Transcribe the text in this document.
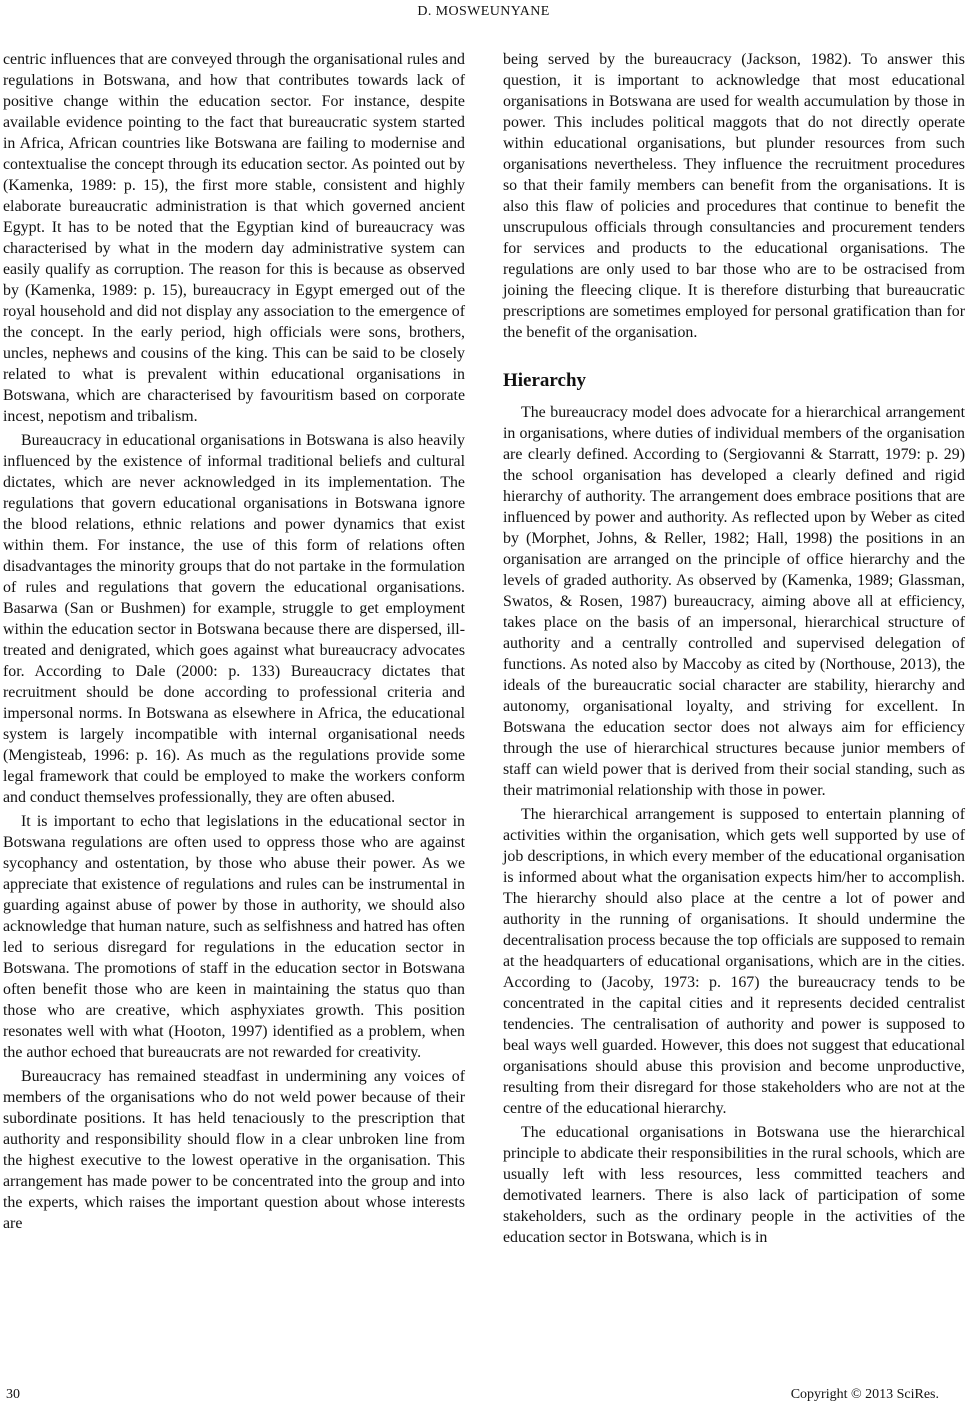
D. MOSWEUNYANE

centric influences that are conveyed through the organisational rules and regulations in Botswana, and how that contributes towards lack of positive change within the education sector. For instance, despite available evidence pointing to the fact that bureaucratic system started in Africa, African countries like Botswana are failing to modernise and contextualise the concept through its education sector. As pointed out by (Kamenka, 1989: p. 15), the first more stable, consistent and highly elaborate bureaucratic administration is that which governed ancient Egypt. It has to be noted that the Egyptian kind of bureaucracy was characterised by what in the modern day administrative system can easily qualify as corruption. The reason for this is because as observed by (Kamenka, 1989: p. 15), bureaucracy in Egypt emerged out of the royal household and did not display any association to the emergence of the concept. In the early period, high officials were sons, brothers, uncles, nephews and cousins of the king. This can be said to be closely related to what is prevalent within educational organisations in Botswana, which are characterised by favouritism based on corporate incest, nepotism and tribalism.

Bureaucracy in educational organisations in Botswana is also heavily influenced by the existence of informal traditional beliefs and cultural dictates, which are never acknowledged in its implementation. The regulations that govern educational organisations in Botswana ignore the blood relations, ethnic relations and power dynamics that exist within them. For instance, the use of this form of relations often disadvantages the minority groups that do not partake in the formulation of rules and regulations that govern the educational organisations. Basarwa (San or Bushmen) for example, struggle to get employment within the education sector in Botswana because there are dispersed, ill-treated and denigrated, which goes against what bureaucracy advocates for. According to Dale (2000: p. 133) Bureaucracy dictates that recruitment should be done according to professional criteria and impersonal norms. In Botswana as elsewhere in Africa, the educational system is largely incompatible with internal organisational needs (Mengisteab, 1996: p. 16). As much as the regulations provide some legal framework that could be employed to make the workers conform and conduct themselves professionally, they are often abused.

It is important to echo that legislations in the educational sector in Botswana regulations are often used to oppress those who are against sycophancy and ostentation, by those who abuse their power. As we appreciate that existence of regulations and rules can be instrumental in guarding against abuse of power by those in authority, we should also acknowledge that human nature, such as selfishness and hatred has often led to serious disregard for regulations in the education sector in Botswana. The promotions of staff in the education sector in Botswana often benefit those who are keen in maintaining the status quo than those who are creative, which asphyxiates growth. This position resonates well with what (Hooton, 1997) identified as a problem, when the author echoed that bureaucrats are not rewarded for creativity.

Bureaucracy has remained steadfast in undermining any voices of members of the organisations who do not weld power because of their subordinate positions. It has held tenaciously to the prescription that authority and responsibility should flow in a clear unbroken line from the highest executive to the lowest operative in the organisation. This arrangement has made power to be concentrated into the group and into the experts, which raises the important question about whose interests are

being served by the bureaucracy (Jackson, 1982). To answer this question, it is important to acknowledge that most educational organisations in Botswana are used for wealth accumulation by those in power. This includes political maggots that do not directly operate within educational organisations, but plunder resources from such organisations nevertheless. They influence the recruitment procedures so that their family members can benefit from the organisations. It is also this flaw of policies and procedures that continue to benefit the unscrupulous officials through consultancies and procurement tenders for services and products to the educational organisations. The regulations are only used to bar those who are to be ostracised from joining the fleecing clique. It is therefore disturbing that bureaucratic prescriptions are sometimes employed for personal gratification than for the benefit of the organisation.

Hierarchy

The bureaucracy model does advocate for a hierarchical arrangement in organisations, where duties of individual members of the organisation are clearly defined. According to (Sergiovanni & Starratt, 1979: p. 29) the school organisation has developed a clearly defined and rigid hierarchy of authority. The arrangement does embrace positions that are influenced by power and authority. As reflected upon by Weber as cited by (Morphet, Johns, & Reller, 1982; Hall, 1998) the positions in an organisation are arranged on the principle of office hierarchy and the levels of graded authority. As observed by (Kamenka, 1989; Glassman, Swatos, & Rosen, 1987) bureaucracy, aiming above all at efficiency, takes place on the basis of an impersonal, hierarchical structure of authority and a centrally controlled and supervised delegation of functions. As noted also by Maccoby as cited by (Northouse, 2013), the ideals of the bureaucratic social character are stability, hierarchy and autonomy, organisational loyalty, and striving for excellent. In Botswana the education sector does not always aim for efficiency through the use of hierarchical structures because junior members of staff can wield power that is derived from their social standing, such as their matrimonial relationship with those in power.

The hierarchical arrangement is supposed to entertain planning of activities within the organisation, which gets well supported by use of job descriptions, in which every member of the educational organisation is informed about what the organisation expects him/her to accomplish. The hierarchy should also place at the centre a lot of power and authority in the running of organisations. It should undermine the decentralisation process because the top officials are supposed to remain at the headquarters of educational organisations, which are in the cities. According to (Jacoby, 1973: p. 167) the bureaucracy tends to be concentrated in the capital cities and it represents decided centralist tendencies. The centralisation of authority and power is supposed to beal ways well guarded. However, this does not suggest that educational organisations should abuse this provision and become unproductive, resulting from their disregard for those stakeholders who are not at the centre of the educational hierarchy.

The educational organisations in Botswana use the hierarchical principle to abdicate their responsibilities in the rural schools, which are usually left with less resources, less committed teachers and demotivated learners. There is also lack of participation of some stakeholders, such as the ordinary people in the activities of the education sector in Botswana, which is in

30	Copyright © 2013 SciRes.
